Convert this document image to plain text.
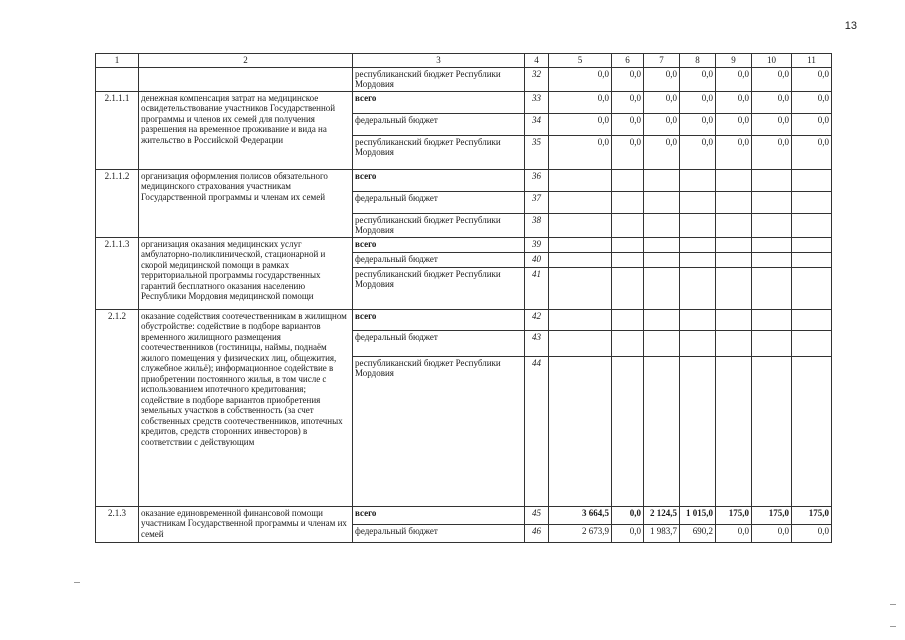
13
1	2	3	4	5	6	7	8	9	10	11
		республиканский бюджет Республики Мордовия	32	0,0	0,0	0,0	0,0	0,0	0,0	0,0
2.1.1.1	денежная компенсация затрат на медицинское освидетельствование участников Государственной программы и членов их семей для получения разрешения на временное проживание и вида на жительство в Российской Федерации	всего	33	0,0	0,0	0,0	0,0	0,0	0,0	0,0
		федеральный бюджет	34	0,0	0,0	0,0	0,0	0,0	0,0	0,0
		республиканский бюджет Республики Мордовия	35	0,0	0,0	0,0	0,0	0,0	0,0	0,0
2.1.1.2	организация оформления полисов обязательного медицинского страхования участникам Государственной программы и членам их семей	всего	36							
		федеральный бюджет	37							
		республиканский бюджет Республики Мордовия	38							
2.1.1.3	организация оказания медицинских услуг амбулаторно-поликлинической, стационарной и скорой медицинской помощи в рамках территориальной программы государственных гарантий бесплатного оказания населению Республики Мордовия медицинской помощи	всего	39							
		федеральный бюджет	40							
		республиканский бюджет Республики Мордовия	41							
2.1.2	оказание содействия соотечественникам в жилищном обустройстве: содействие в подборе вариантов временного жилищного размещения соотечественников (гостиницы, наймы, поднаём жилого помещения у физических лиц, общежития, служебное жильё); информационное содействие в приобретении постоянного жилья, в том числе с использованием ипотечного кредитования; содействие в подборе вариантов приобретения земельных участков в собственность (за счет собственных средств соотечественников, ипотечных кредитов, средств сторонних инвесторов) в соответствии с действующим	всего	42							
		федеральный бюджет	43							
		республиканский бюджет Республики Мордовия	44							
2.1.3	оказание единовременной финансовой помощи участникам Государственной программы и членам их семей	всего	45	3 664,5	0,0	2 124,5	1 015,0	175,0	175,0	175,0
		федеральный бюджет	46	2 673,9	0,0	1 983,7	690,2	0,0	0,0	0,0
